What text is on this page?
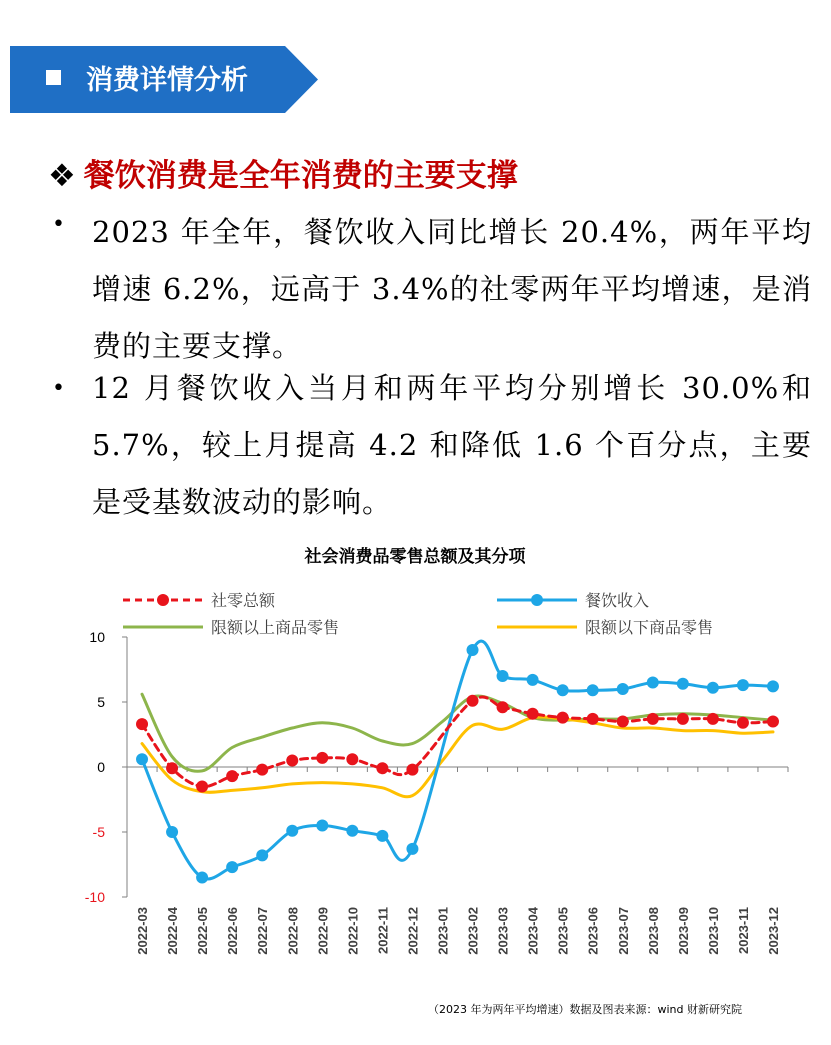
消费详情分析
❖ 餐饮消费是全年消费的主要支撑
• 2023 年全年，餐饮收入同比增长 20.4%，两年平均增速 6.2%，远高于 3.4%的社零两年平均增速，是消费的主要支撑。
• 12 月餐饮收入当月和两年平均分别增长 30.0%和 5.7%，较上月提高 4.2 和降低 1.6 个百分点，主要是受基数波动的影响。
社会消费品零售总额及其分项
10
5
0
-5
-10
2022-03 2022-04 2022-05 2022-06 2022-07 2022-08 2022-09 2022-10 2022-11 2022-12 2023-01 2023-02 2023-03 2023-04 2023-05 2023-06 2023-07 2023-08 2023-09 2023-10 2023-11 2023-12
社零总额	餐饮收入
限额以上商品零售	限额以下商品零售
（2023 年为两年平均增速）数据及图表来源：wind 财新研究院
